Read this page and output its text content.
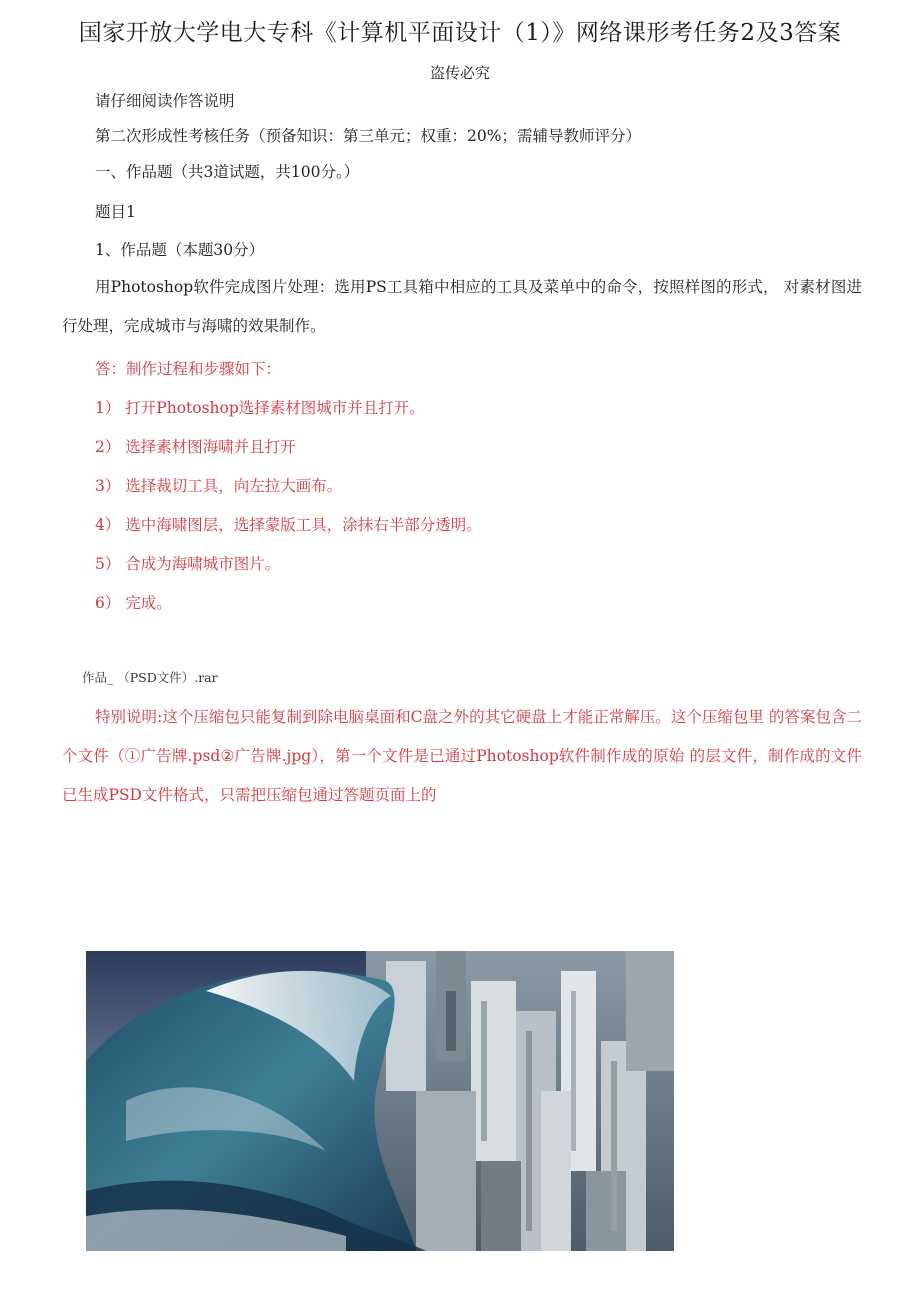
国家开放大学电大专科《计算机平面设计（1）》网络课形考任务2及3答案
盗传必究
请仔细阅读作答说明
第二次形成性考核任务（预备知识：第三单元；权重：20%；需辅导教师评分）
一、作品题（共3道试题，共100分。）
题目1
1、作品题（本题30分）
用Photoshop软件完成图片处理：选用PS工具箱中相应的工具及菜单中的命令，按照样图的形式， 对素材图进行处理，完成城市与海啸的效果制作。
答：制作过程和步骤如下：
1） 打开Photoshop选择素材图城市并且打开。
2） 选择素材图海啸并且打开
3） 选择裁切工具，向左拉大画布。
4） 选中海啸图层，选择蒙版工具，涂抹右半部分透明。
5） 合成为海啸城市图片。
6） 完成。
作品_ （PSD文件）.rar
特别说明:这个压缩包只能复制到除电脑桌面和C盘之外的其它硬盘上才能正常解压。这个压缩包里 的答案包含二个文件（①广告牌.psd②广告牌.jpg），第一个文件是已通过Photoshop软件制作成的原始 的层文件，制作成的文件已生成PSD文件格式，只需把压缩包通过答题页面上的
